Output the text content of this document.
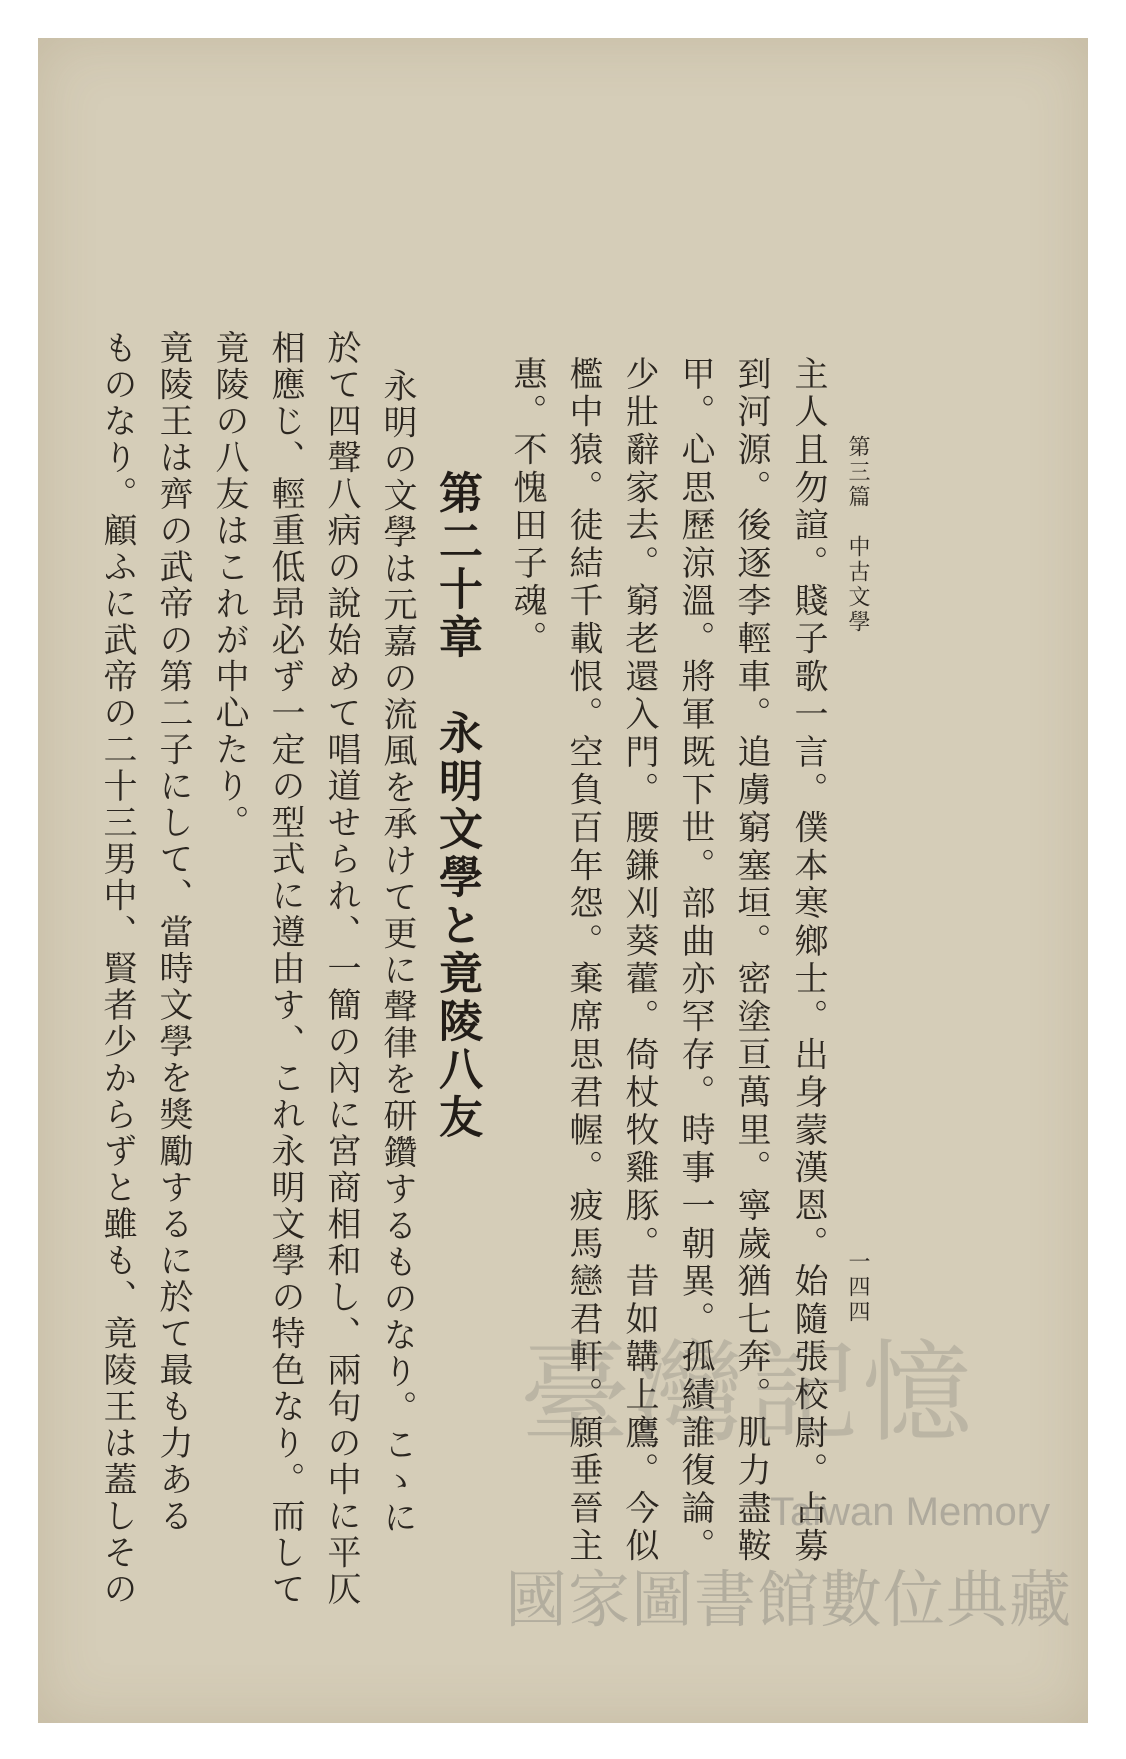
第三篇　中古文學
一四四
主人且勿諠。賤子歌一言。僕本寒鄉士。出身蒙漢恩。始隨張校尉。占募
到河源。後逐李輕車。追虜窮塞垣。密塗亘萬里。寧歲猶七奔。肌力盡鞍
甲。心思歷涼溫。將軍既下世。部曲亦罕存。時事一朝異。孤績誰復論。
少壯辭家去。窮老還入門。腰鎌刈葵藿。倚杖牧雞豚。昔如韝上鷹。今似
檻中猿。徒結千載恨。空負百年怨。棄席思君幄。疲馬戀君軒。願垂晉主
惠。不愧田子魂。
第二十章　永明文學と竟陵八友
永明の文學は元嘉の流風を承けて更に聲律を研鑽するものなり。こゝに
於て四聲八病の說始めて唱道せられ、一簡の內に宮商相和し、兩句の中に平仄
相應じ、輕重低昻必ず一定の型式に遵由す、これ永明文學の特色なり。而して
竟陵の八友はこれが中心たり。
竟陵王は齊の武帝の第二子にして、當時文學を獎勵するに於て最も力ある
ものなり。顧ふに武帝の二十三男中、賢者少からずと雖も、竟陵王は蓋しその	臺灣記憶
Taiwan Memory
國家圖書館數位典藏
